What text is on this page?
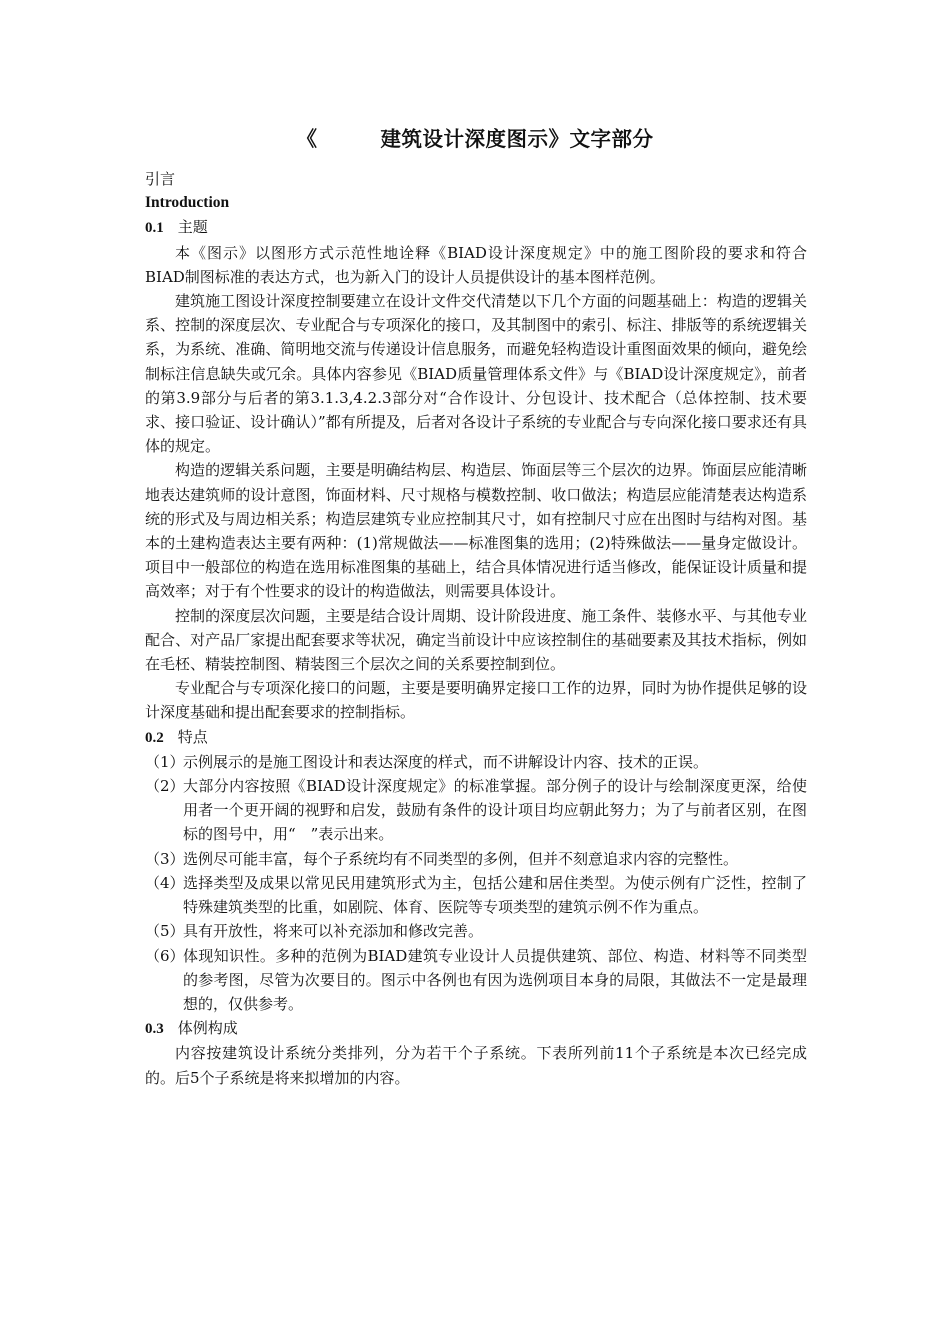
《　　　建筑设计深度图示》文字部分

引言

Introduction

0.1 主题

本《图示》以图形方式示范性地诠释《BIAD设计深度规定》中的施工图阶段的要求和符合BIAD制图标准的表达方式，也为新入门的设计人员提供设计的基本图样范例。

建筑施工图设计深度控制要建立在设计文件交代清楚以下几个方面的问题基础上：构造的逻辑关系、控制的深度层次、专业配合与专项深化的接口，及其制图中的索引、标注、排版等的系统逻辑关系，为系统、准确、简明地交流与传递设计信息服务，而避免轻构造设计重图面效果的倾向，避免绘制标注信息缺失或冗余。具体内容参见《BIAD质量管理体系文件》与《BIAD设计深度规定》，前者的第3.9部分与后者的第3.1.3,4.2.3部分对“合作设计、分包设计、技术配合（总体控制、技术要求、接口验证、设计确认）”都有所提及，后者对各设计子系统的专业配合与专向深化接口要求还有具体的规定。

构造的逻辑关系问题，主要是明确结构层、构造层、饰面层等三个层次的边界。饰面层应能清晰地表达建筑师的设计意图，饰面材料、尺寸规格与模数控制、收口做法；构造层应能清楚表达构造系统的形式及与周边相关系；构造层建筑专业应控制其尺寸，如有控制尺寸应在出图时与结构对图。基本的土建构造表达主要有两种：(1)常规做法——标准图集的选用；(2)特殊做法——量身定做设计。项目中一般部位的构造在选用标准图集的基础上，结合具体情况进行适当修改，能保证设计质量和提高效率；对于有个性要求的设计的构造做法，则需要具体设计。

控制的深度层次问题，主要是结合设计周期、设计阶段进度、施工条件、装修水平、与其他专业配合、对产品厂家提出配套要求等状况，确定当前设计中应该控制住的基础要素及其技术指标，例如在毛柸、精装控制图、精装图三个层次之间的关系要控制到位。

专业配合与专项深化接口的问题，主要是要明确界定接口工作的边界，同时为协作提供足够的设计深度基础和提出配套要求的控制指标。

0.2 特点

（1）
示例展示的是施工图设计和表达深度的样式，而不讲解设计内容、技术的正误。
（2）
大部分内容按照《BIAD设计深度规定》的标准掌握。部分例子的设计与绘制深度更深，给使用者一个更开阔的视野和启发，鼓励有条件的设计项目均应朝此努力；为了与前者区别，在图标的图号中，用“　”表示出来。
（3）
选例尽可能丰富，每个子系统均有不同类型的多例，但并不刻意追求内容的完整性。
（4）
选择类型及成果以常见民用建筑形式为主，包括公建和居住类型。为使示例有广泛性，控制了特殊建筑类型的比重，如剧院、体育、医院等专项类型的建筑示例不作为重点。
（5）
具有开放性，将来可以补充添加和修改完善。
（6）
体现知识性。多种的范例为BIAD建筑专业设计人员提供建筑、部位、构造、材料等不同类型的参考图，尽管为次要目的。图示中各例也有因为选例项目本身的局限，其做法不一定是最理想的，仅供参考。

0.3 体例构成

内容按建筑设计系统分类排列，分为若干个子系统。下表所列前11个子系统是本次已经完成的。后5个子系统是将来拟增加的内容。
